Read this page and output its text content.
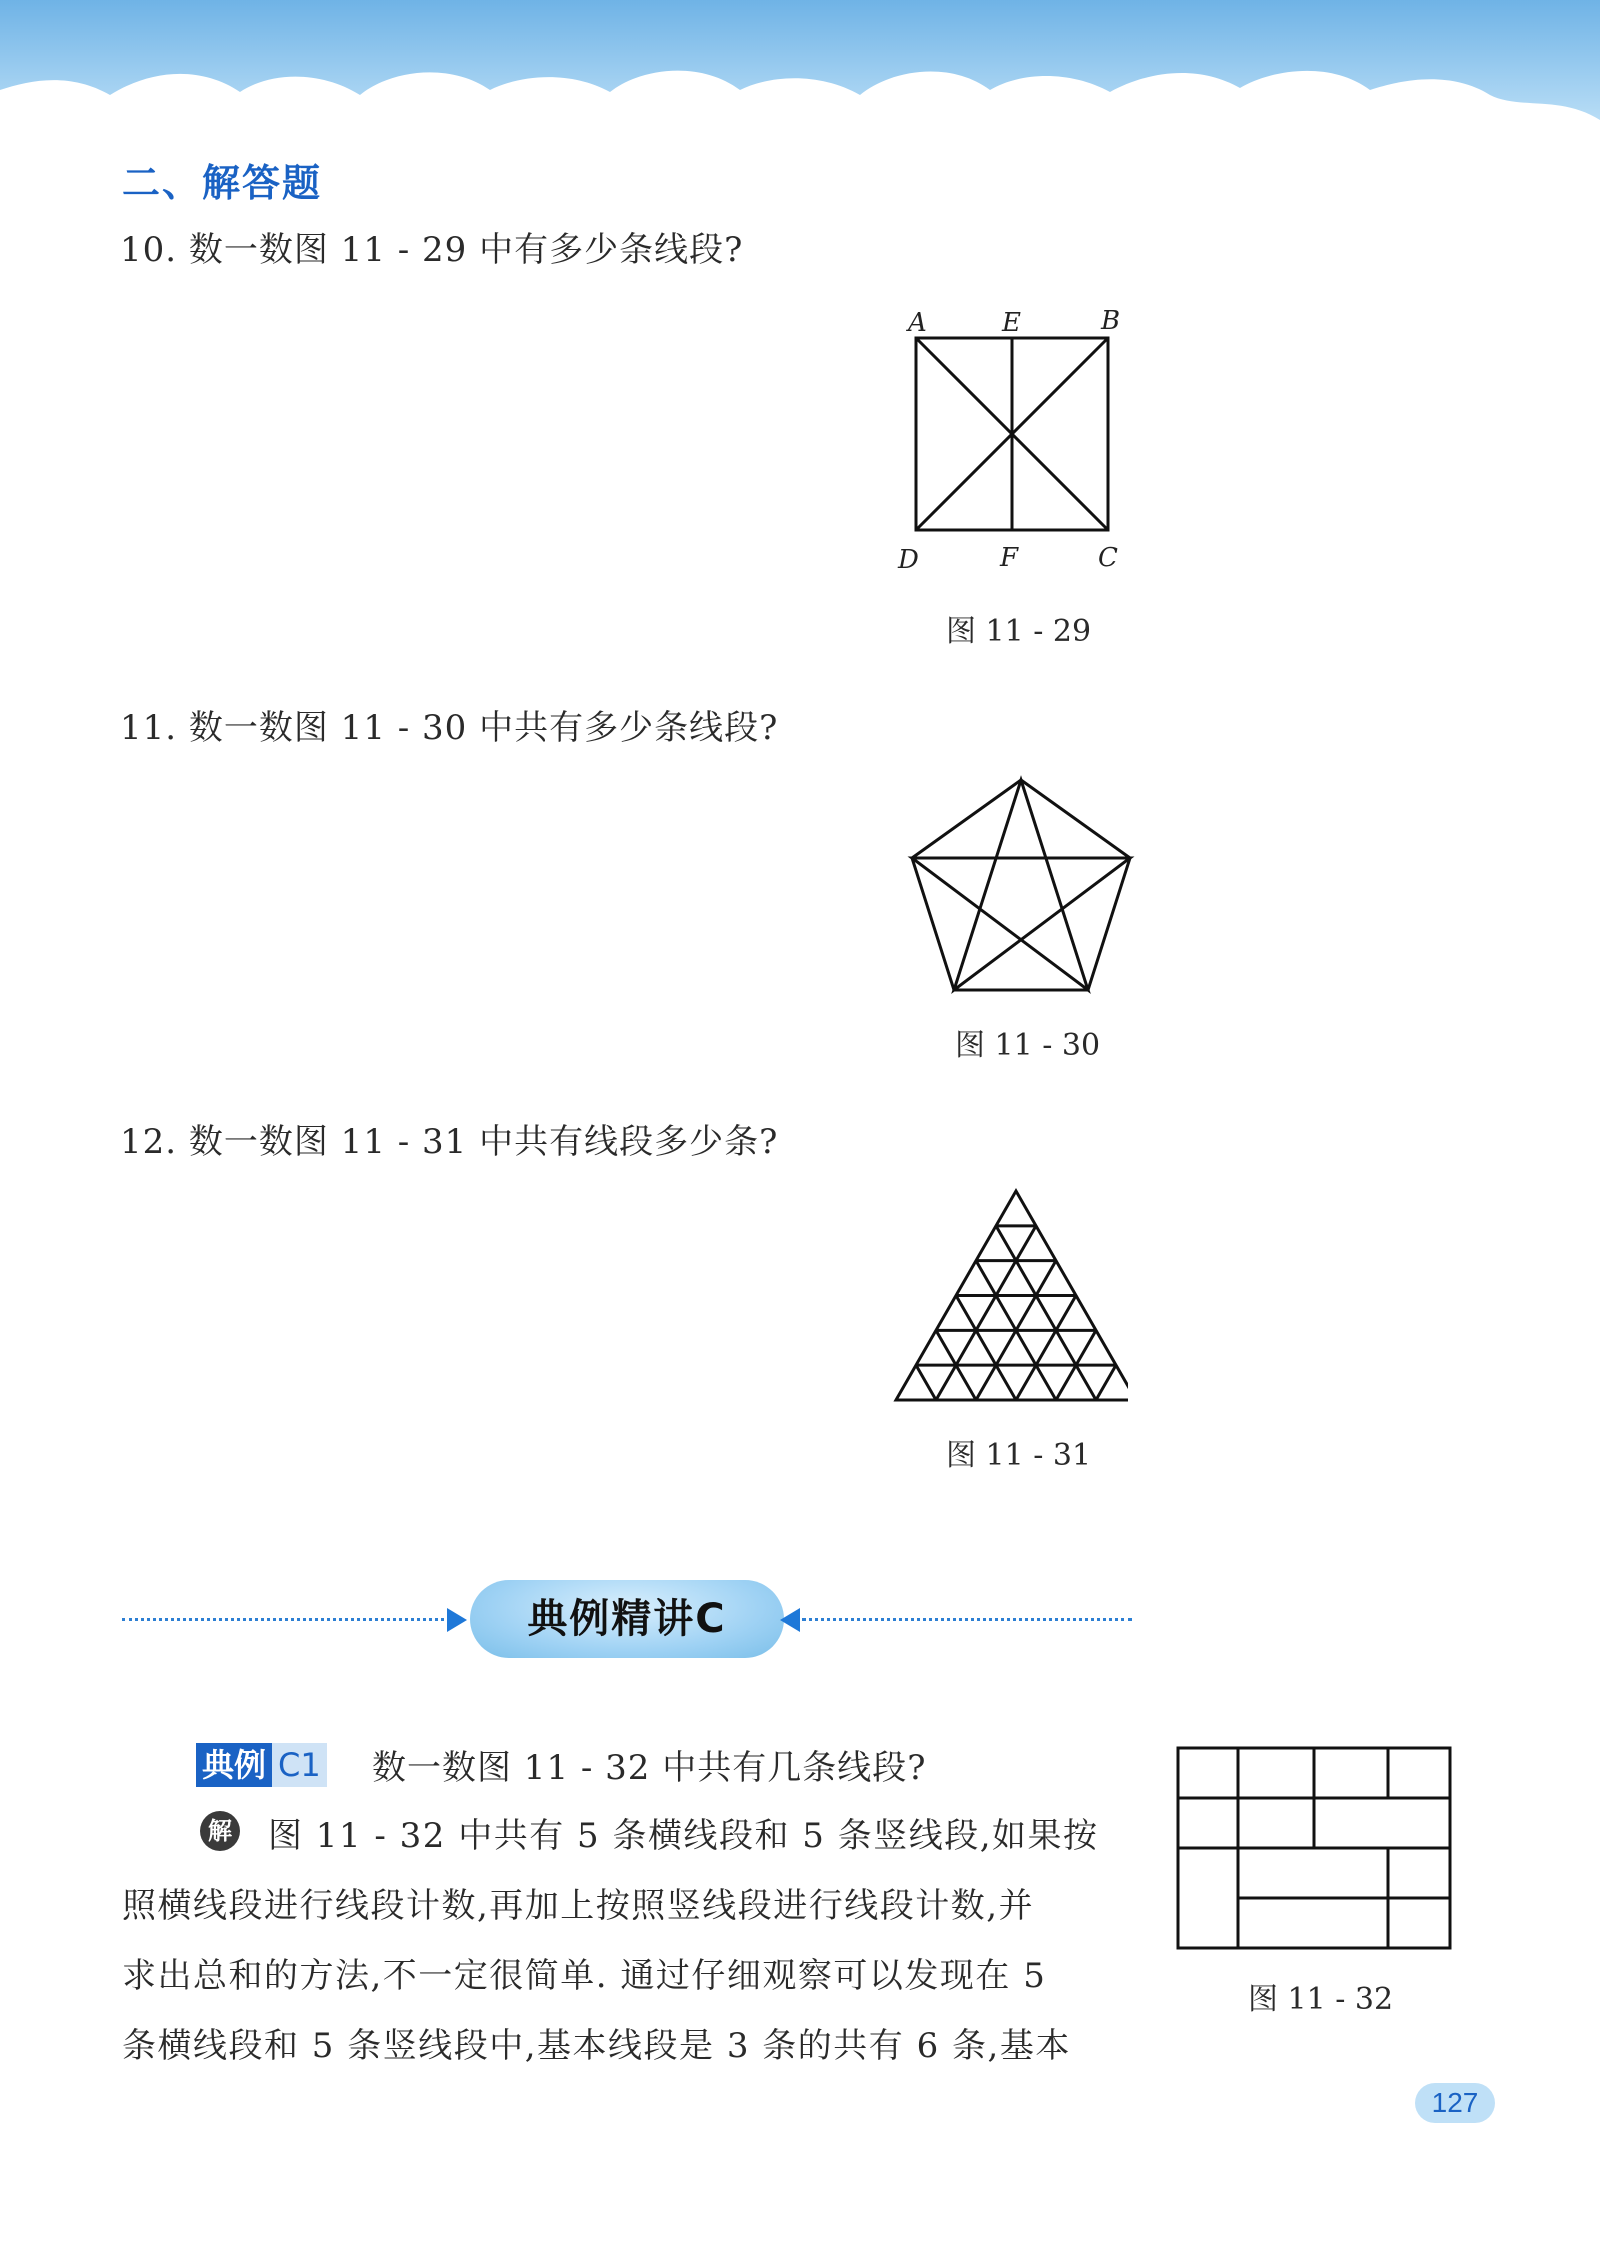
二、解答题
10. 数一数图 11 - 29 中有多少条线段?
A	E	B
D	F	C
图 11 - 29
11. 数一数图 11 - 30 中共有多少条线段?
图 11 - 30
12. 数一数图 11 - 31 中共有线段多少条?
图 11 - 31
典例精讲C
典例 C1 数一数图 11 - 32 中共有几条线段?
图 11 - 32
解 图 11 - 32 中共有 5 条横线段和 5 条竖线段,如果按
照横线段进行线段计数,再加上按照竖线段进行线段计数,并
求出总和的方法,不一定很简单. 通过仔细观察可以发现在 5
条横线段和 5 条竖线段中,基本线段是 3 条的共有 6 条,基本
127
